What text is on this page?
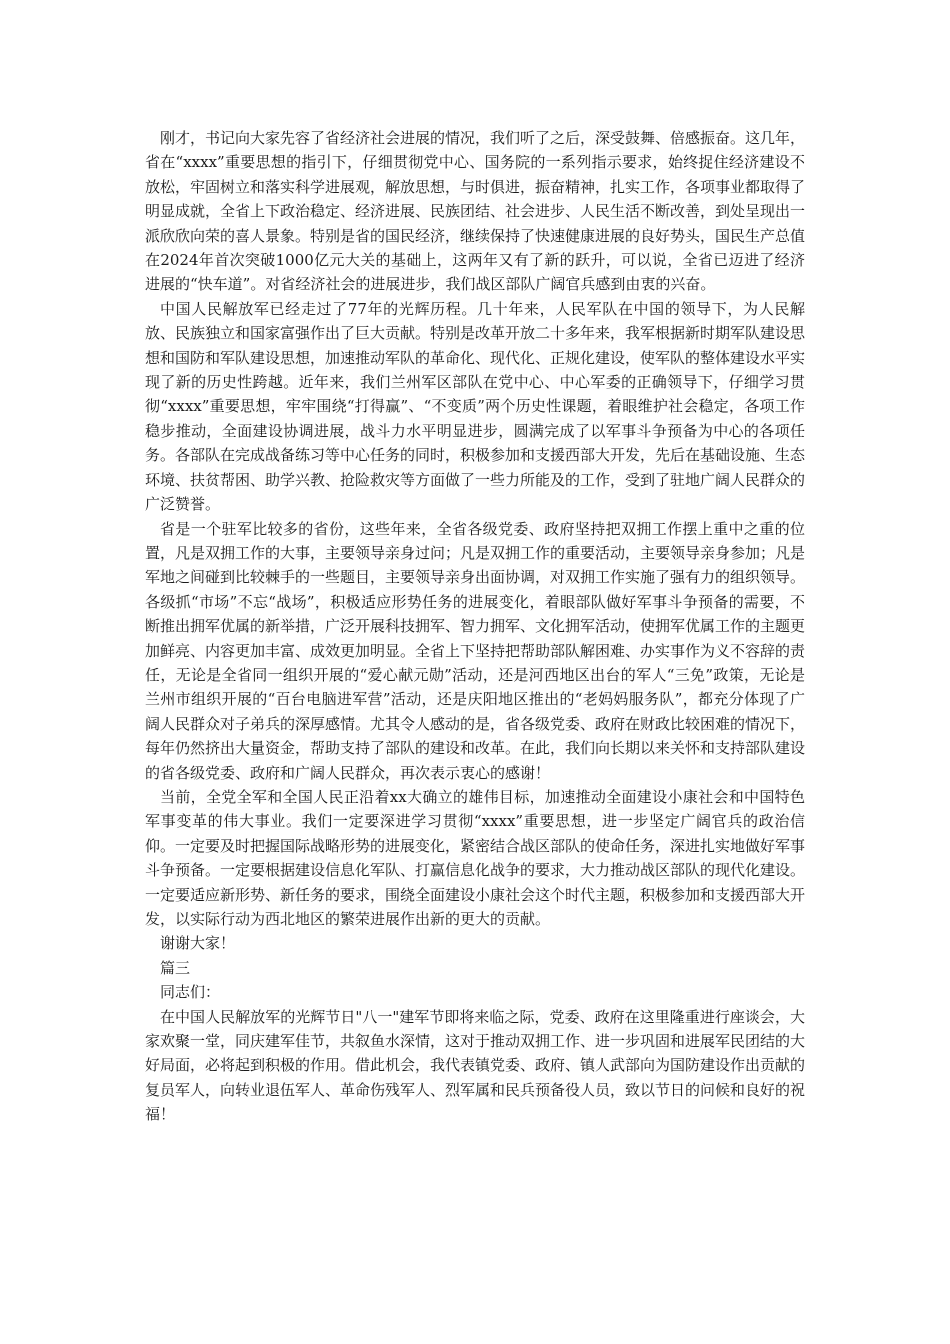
刚才，书记向大家先容了省经济社会进展的情况，我们听了之后，深受鼓舞、倍感振奋。这几年，省在“xxxx”重要思想的指引下，仔细贯彻党中心、国务院的一系列指示要求，始终捉住经济建设不放松，牢固树立和落实科学进展观，解放思想，与时俱进，振奋精神，扎实工作，各项事业都取得了明显成就，全省上下政治稳定、经济进展、民族团结、社会进步、人民生活不断改善，到处呈现出一派欣欣向荣的喜人景象。特别是省的国民经济，继续保持了快速健康进展的良好势头，国民生产总值在2024年首次突破1000亿元大关的基础上，这两年又有了新的跃升，可以说，全省已迈进了经济进展的“快车道”。对省经济社会的进展进步，我们战区部队广阔官兵感到由衷的兴奋。

中国人民解放军已经走过了77年的光辉历程。几十年来，人民军队在中国的领导下，为人民解放、民族独立和国家富强作出了巨大贡献。特别是改革开放二十多年来，我军根据新时期军队建设思想和国防和军队建设思想，加速推动军队的革命化、现代化、正规化建设，使军队的整体建设水平实现了新的历史性跨越。近年来，我们兰州军区部队在党中心、中心军委的正确领导下，仔细学习贯彻“xxxx”重要思想，牢牢围绕“打得赢”、“不变质”两个历史性课题，着眼维护社会稳定，各项工作稳步推动，全面建设协调进展，战斗力水平明显进步，圆满完成了以军事斗争预备为中心的各项任务。各部队在完成战备练习等中心任务的同时，积极参加和支援西部大开发，先后在基础设施、生态环境、扶贫帮困、助学兴教、抢险救灾等方面做了一些力所能及的工作，受到了驻地广阔人民群众的广泛赞誉。

省是一个驻军比较多的省份，这些年来，全省各级党委、政府坚持把双拥工作摆上重中之重的位置，凡是双拥工作的大事，主要领导亲身过问；凡是双拥工作的重要活动，主要领导亲身参加；凡是军地之间碰到比较棘手的一些题目，主要领导亲身出面协调，对双拥工作实施了强有力的组织领导。各级抓“市场”不忘“战场”，积极适应形势任务的进展变化，着眼部队做好军事斗争预备的需要，不断推出拥军优属的新举措，广泛开展科技拥军、智力拥军、文化拥军活动，使拥军优属工作的主题更加鲜亮、内容更加丰富、成效更加明显。全省上下坚持把帮助部队解困难、办实事作为义不容辞的责任，无论是全省同一组织开展的“爱心献元勋”活动，还是河西地区出台的军人“三免”政策，无论是兰州市组织开展的“百台电脑进军营”活动，还是庆阳地区推出的“老妈妈服务队”，都充分体现了广阔人民群众对子弟兵的深厚感情。尤其令人感动的是，省各级党委、政府在财政比较困难的情况下，每年仍然挤出大量资金，帮助支持了部队的建设和改革。在此，我们向长期以来关怀和支持部队建设的省各级党委、政府和广阔人民群众，再次表示衷心的感谢！

当前，全党全军和全国人民正沿着xx大确立的雄伟目标，加速推动全面建设小康社会和中国特色军事变革的伟大事业。我们一定要深进学习贯彻“xxxx”重要思想，进一步坚定广阔官兵的政治信仰。一定要及时把握国际战略形势的进展变化，紧密结合战区部队的使命任务，深进扎实地做好军事斗争预备。一定要根据建设信息化军队、打赢信息化战争的要求，大力推动战区部队的现代化建设。一定要适应新形势、新任务的要求，围绕全面建设小康社会这个时代主题，积极参加和支援西部大开发，以实际行动为西北地区的繁荣进展作出新的更大的贡献。

谢谢大家！

篇三

同志们：

在中国人民解放军的光辉节日"八一"建军节即将来临之际，党委、政府在这里隆重进行座谈会，大家欢聚一堂，同庆建军佳节，共叙鱼水深情，这对于推动双拥工作、进一步巩固和进展军民团结的大好局面，必将起到积极的作用。借此机会，我代表镇党委、政府、镇人武部向为国防建设作出贡献的复员军人，向转业退伍军人、革命伤残军人、烈军属和民兵预备役人员，致以节日的问候和良好的祝福！
